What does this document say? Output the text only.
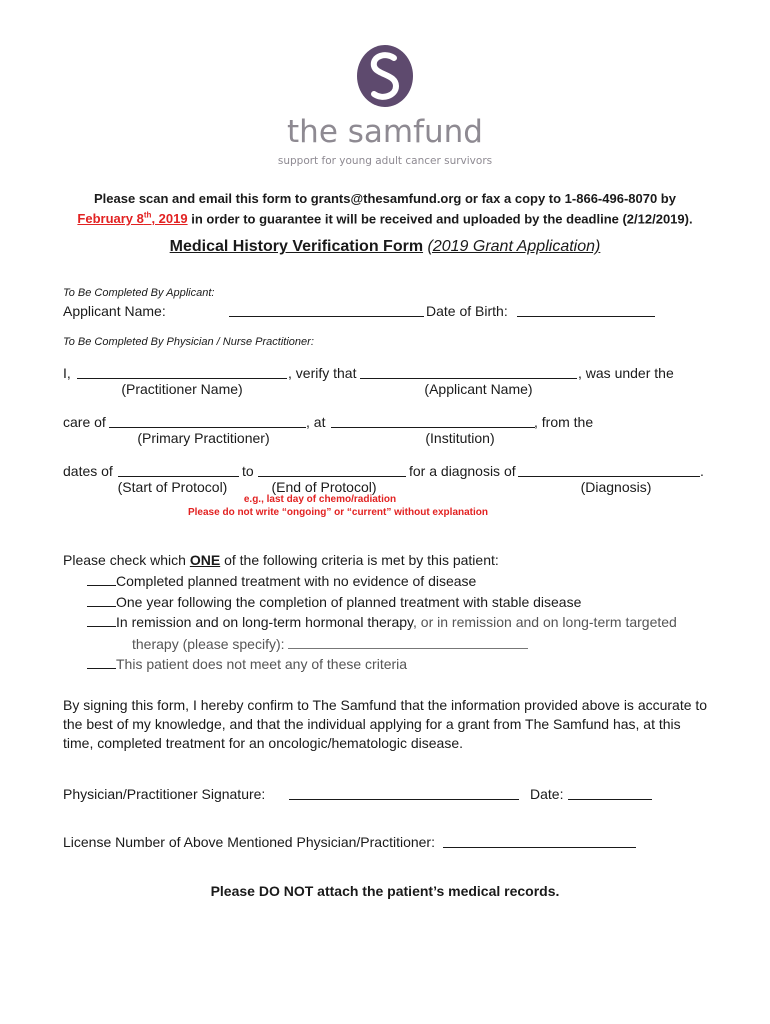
the samfund
support for young adult cancer survivors
Please scan and email this form to grants@thesamfund.org or fax a copy to 1-866-496-8070 by
February 8th, 2019 in order to guarantee it will be received and uploaded by the deadline (2/12/2019).
Medical History Verification Form (2019 Grant Application)
To Be Completed By Applicant:
Applicant Name:	Date of Birth:
To Be Completed By Physician / Nurse Practitioner:
I,	, verify that	, was under the
(Practitioner Name)	(Applicant Name)
care of	, at	, from the
(Primary Practitioner)	(Institution)
dates of	to	for a diagnosis of	.
(Start of Protocol)	(End of Protocol)	(Diagnosis)
e.g., last day of chemo/radiation
Please do not write “ongoing” or “current” without explanation
Please check which ONE of the following criteria is met by this patient:
Completed planned treatment with no evidence of disease
One year following the completion of planned treatment with stable disease
In remission and on long-term hormonal therapy, or in remission and on long-term targeted
therapy (please specify):
This patient does not meet any of these criteria
By signing this form, I hereby confirm to The Samfund that the information provided above is accurate to
the best of my knowledge, and that the individual applying for a grant from The Samfund has, at this
time, completed treatment for an oncologic/hematologic disease.
Physician/Practitioner Signature:	Date:
License Number of Above Mentioned Physician/Practitioner:
Please DO NOT attach the patient’s medical records.
